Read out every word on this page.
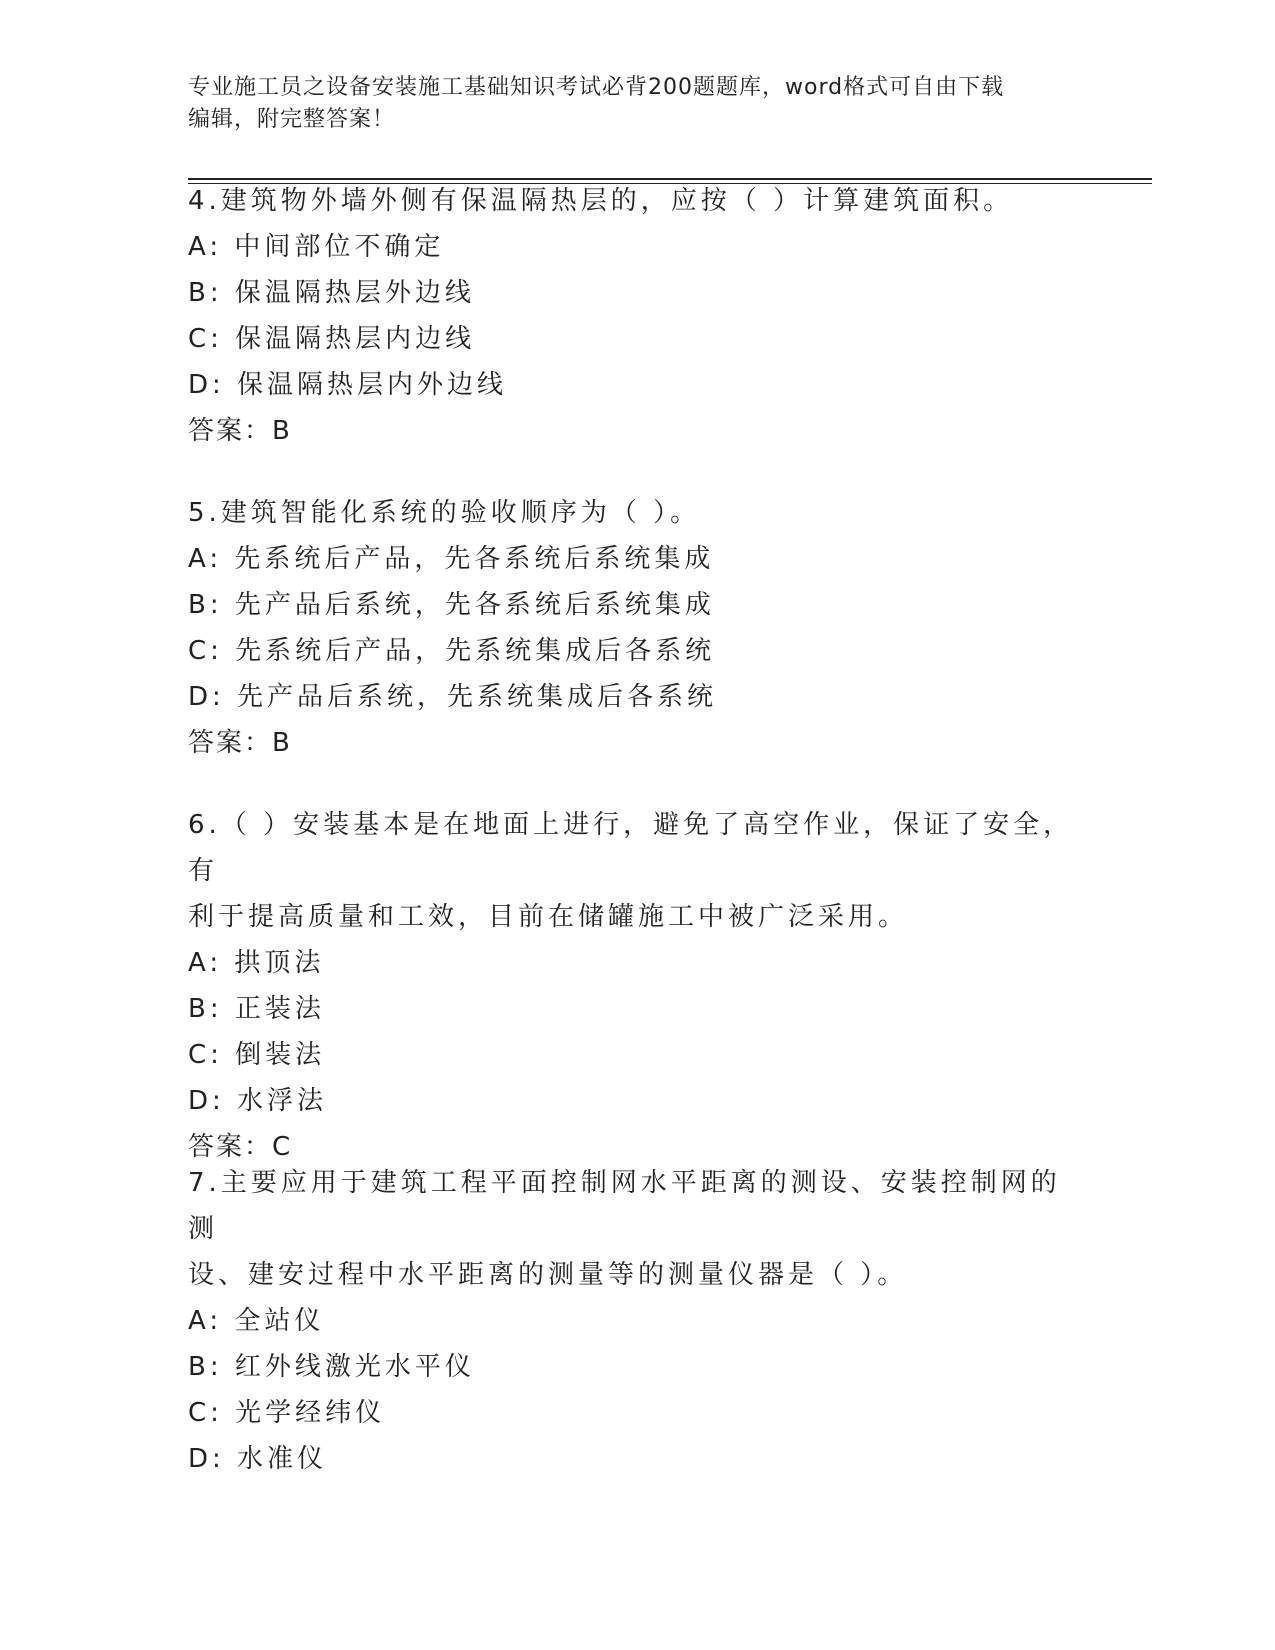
专业施工员之设备安装施工基础知识考试必背200题题库，word格式可自由下载
编辑，附完整答案！

4.建筑物外墙外侧有保温隔热层的，应按（ ）计算建筑面积。

A: 中间部位不确定

B: 保温隔热层外边线

C: 保温隔热层内边线

D: 保温隔热层内外边线

答案：B

5.建筑智能化系统的验收顺序为（ ）。

A: 先系统后产品，先各系统后系统集成

B: 先产品后系统，先各系统后系统集成

C: 先系统后产品，先系统集成后各系统

D: 先产品后系统，先系统集成后各系统

答案：B

6.（ ）安装基本是在地面上进行，避免了高空作业，保证了安全，有

利于提高质量和工效，目前在储罐施工中被广泛采用。

A: 拱顶法

B: 正装法

C: 倒装法

D: 水浮法

答案：C

7.主要应用于建筑工程平面控制网水平距离的测设、安装控制网的测

设、建安过程中水平距离的测量等的测量仪器是（ ）。

A: 全站仪

B: 红外线激光水平仪

C: 光学经纬仪

D: 水准仪
